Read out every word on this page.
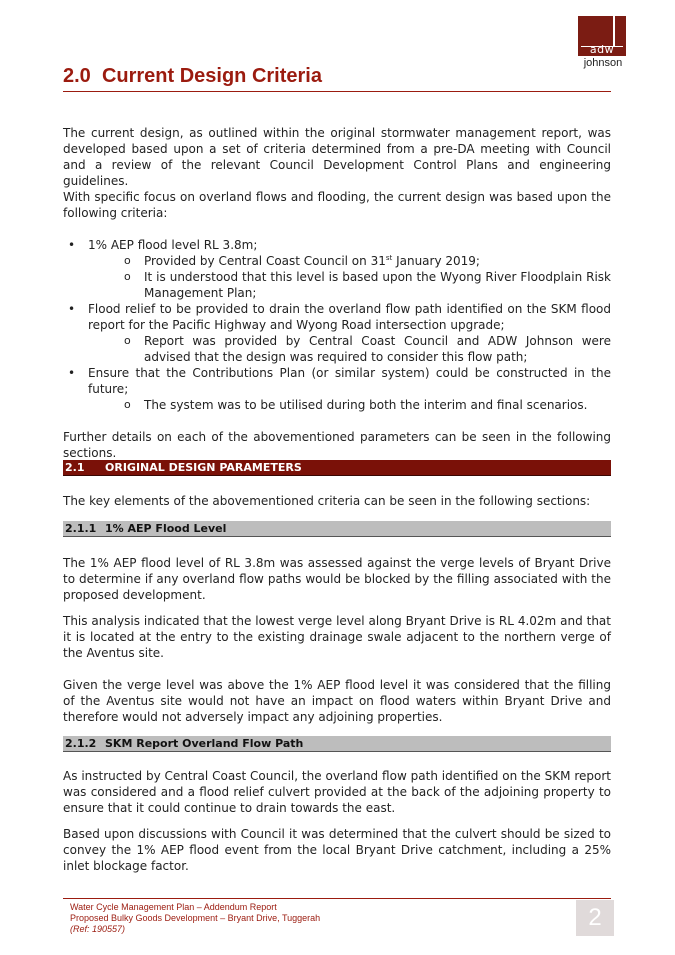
adw
johnson
2.0 Current Design Criteria

The current design, as outlined within the original stormwater management report, was developed based upon a set of criteria determined from a pre-DA meeting with Council and a review of the relevant Council Development Control Plans and engineering guidelines.

With specific focus on overland flows and flooding, the current design was based upon the following criteria:

• 1% AEP flood level RL 3.8m;

o Provided by Central Coast Council on 31st January 2019;

o It is understood that this level is based upon the Wyong River Floodplain Risk Management Plan;

• Flood relief to be provided to drain the overland flow path identified on the SKM flood report for the Pacific Highway and Wyong Road intersection upgrade;

o Report was provided by Central Coast Council and ADW Johnson were advised that the design was required to consider this flow path;

• Ensure that the Contributions Plan (or similar system) could be constructed in the future;

o The system was to be utilised during both the interim and final scenarios.

Further details on each of the abovementioned parameters can be seen in the following sections.

2.1	ORIGINAL DESIGN PARAMETERS

The key elements of the abovementioned criteria can be seen in the following sections:

2.1.1 1% AEP Flood Level

The 1% AEP flood level of RL 3.8m was assessed against the verge levels of Bryant Drive to determine if any overland flow paths would be blocked by the filling associated with the proposed development.

This analysis indicated that the lowest verge level along Bryant Drive is RL 4.02m and that it is located at the entry to the existing drainage swale adjacent to the northern verge of the Aventus site.

Given the verge level was above the 1% AEP flood level it was considered that the filling of the Aventus site would not have an impact on flood waters within Bryant Drive and therefore would not adversely impact any adjoining properties.

2.1.2 SKM Report Overland Flow Path

As instructed by Central Coast Council, the overland flow path identified on the SKM report was considered and a flood relief culvert provided at the back of the adjoining property to ensure that it could continue to drain towards the east.

Based upon discussions with Council it was determined that the culvert should be sized to convey the 1% AEP flood event from the local Bryant Drive catchment, including a 25% inlet blockage factor.

Water Cycle Management Plan – Addendum Report
Proposed Bulky Goods Development – Bryant Drive, Tuggerah
(Ref: 190557)	2
